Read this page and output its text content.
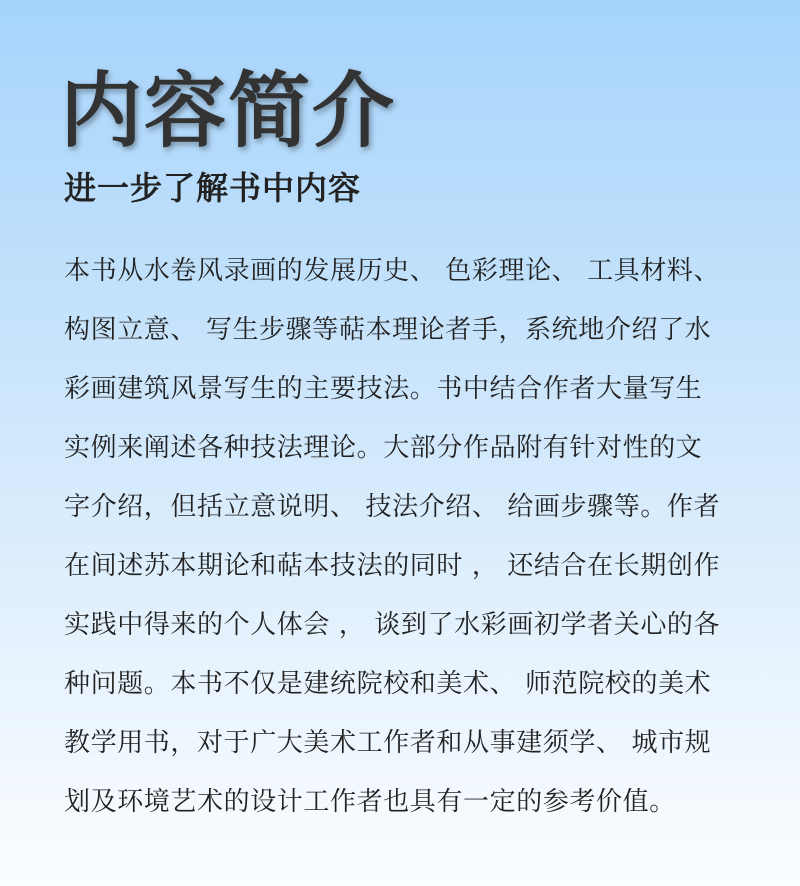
内容简介
进一步了解书中内容
本书从水卷风录画的发展历史、 色彩理论、 工具材料、
构图立意、 写生步骤等萜本理论者手，系统地介绍了水
彩画建筑风景写生的主要技法。书中结合作者大量写生
实例来阐述各种技法理论。大部分作品附有针对性的文
字介绍，但括立意说明、 技法介绍、 给画步骤等。作者
在间述苏本期论和萜本技法的同时 ， 还结合在长期创作
实践中得来的个人体会 ， 谈到了水彩画初学者关心的各
种问题。本书不仅是建统院校和美术、 师范院校的美术
教学用书，对于广大美术工作者和从事建须学、 城市规
划及环境艺术的设计工作者也具有一定的参考价值。
